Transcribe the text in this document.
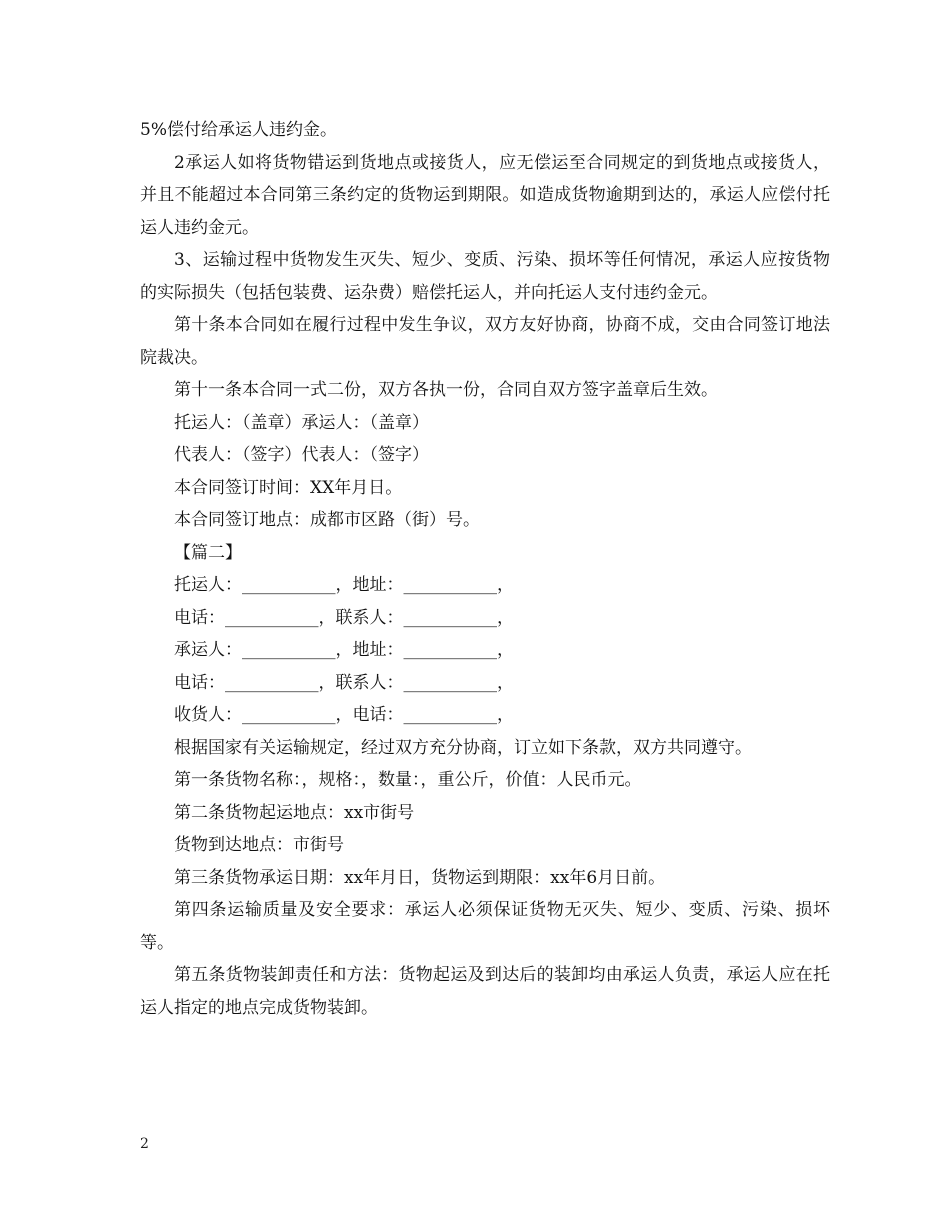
5%偿付给承运人违约金。

2承运人如将货物错运到货地点或接货人，应无偿运至合同规定的到货地点或接货人，并且不能超过本合同第三条约定的货物运到期限。如造成货物逾期到达的，承运人应偿付托运人违约金元。

3、运输过程中货物发生灭失、短少、变质、污染、损坏等任何情况，承运人应按货物的实际损失（包括包装费、运杂费）赔偿托运人，并向托运人支付违约金元。

第十条本合同如在履行过程中发生争议，双方友好协商，协商不成，交由合同签订地法院裁决。

第十一条本合同一式二份，双方各执一份，合同自双方签字盖章后生效。

托运人：（盖章）承运人：（盖章）

代表人：（签字）代表人：（签字）

本合同签订时间：XX年月日。

本合同签订地点：成都市区路（街）号。

【篇二】

托运人：___________，地址：___________，

电话：___________，联系人：___________，

承运人：___________，地址：___________，

电话：___________，联系人：___________，

收货人：___________，电话：___________，

根据国家有关运输规定，经过双方充分协商，订立如下条款，双方共同遵守。

第一条货物名称：，规格：，数量：，重公斤，价值：人民币元。

第二条货物起运地点：xx市街号

货物到达地点：市街号

第三条货物承运日期：xx年月日，货物运到期限：xx年6月日前。

第四条运输质量及安全要求：承运人必须保证货物无灭失、短少、变质、污染、损坏等。

第五条货物装卸责任和方法：货物起运及到达后的装卸均由承运人负责，承运人应在托运人指定的地点完成货物装卸。

2
